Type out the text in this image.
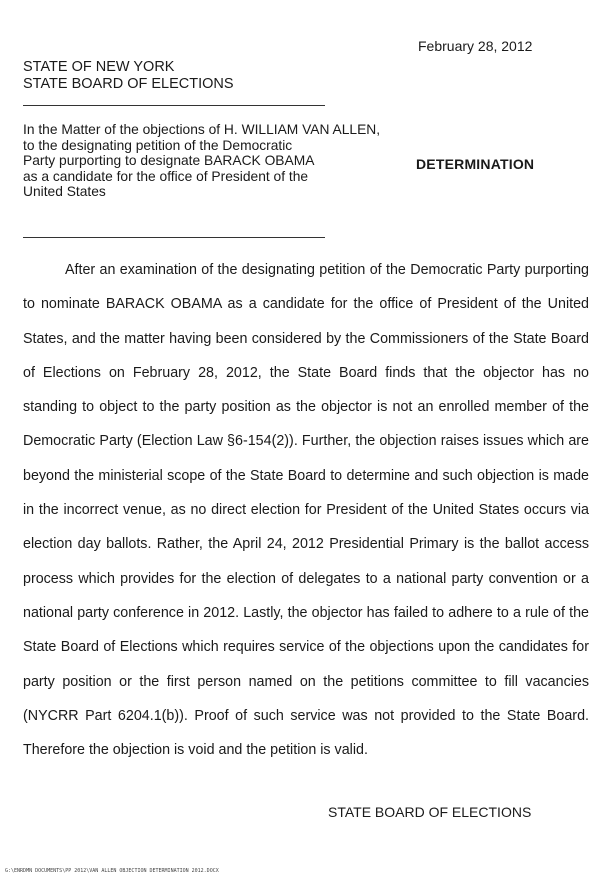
February 28, 2012
STATE OF NEW YORK
STATE BOARD OF ELECTIONS
In the Matter of the objections of H. WILLIAM VAN ALLEN,
to the designating petition of the Democratic
Party purporting to designate BARACK OBAMA
as a candidate for the office of President of the
United States
DETERMINATION

After an examination of the designating petition of the Democratic Party purporting to nominate BARACK OBAMA as a candidate for the office of President of the United States, and the matter having been considered by the Commissioners of the State Board of Elections on February 28, 2012, the State Board finds that the objector has no standing to object to the party position as the objector is not an enrolled member of the Democratic Party (Election Law §6-154(2)). Further, the objection raises issues which are beyond the ministerial scope of the State Board to determine and such objection is made in the incorrect venue, as no direct election for President of the United States occurs via election day ballots. Rather, the April 24, 2012 Presidential Primary is the ballot access process which provides for the election of delegates to a national party convention or a national party conference in 2012. Lastly, the objector has failed to adhere to a rule of the State Board of Elections which requires service of the objections upon the candidates for party position or the first person named on the petitions committee to fill vacancies (NYCRR Part 6204.1(b)). Proof of such service was not provided to the State Board. Therefore the objection is void and the petition is valid.

STATE BOARD OF ELECTIONS
G:\ENRDMN DOCUMENTS\PP 2012\VAN ALLEN OBJECTION DETERMINATION 2012.DOCX
